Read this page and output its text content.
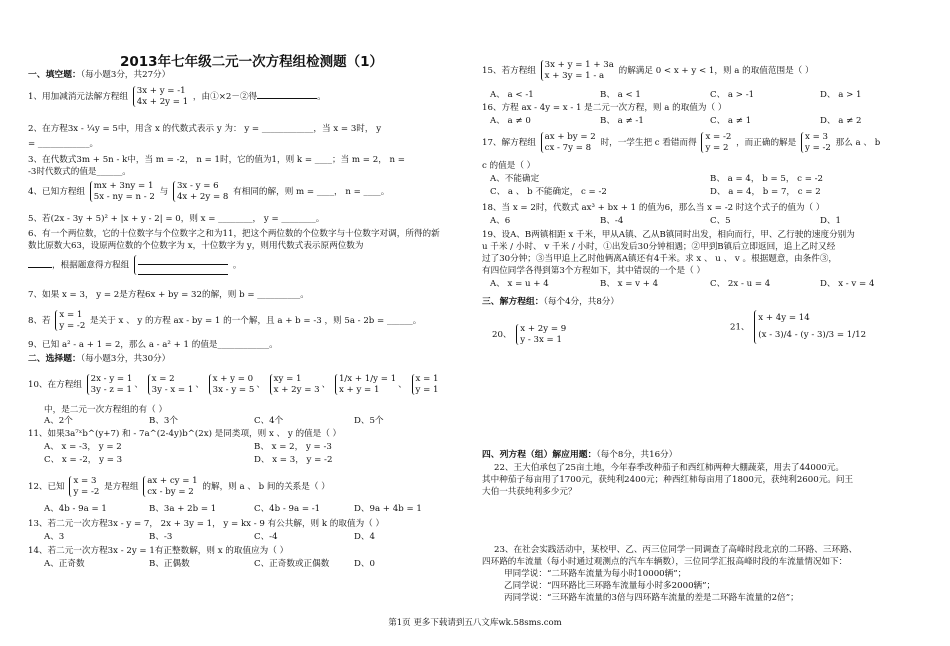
2013年七年级二元一次方程组检测题（1）
一、填空题：（每小题3分，共27分）
1、用加减消元法解方程组
3x + y = -1
4x + 2y = 1 ，由①×2－②得	。
2、在方程3x - ¼y = 5中，用含 x 的代数式表示 y 为： y = ____________，当 x = 3时， y
= ____________。
3、在代数式3m + 5n - k中，当 m = -2， n = 1时，它的值为1，则 k = ____；当 m = 2， n =
-3时代数式的值是______。
4、已知方程组
mx + 3ny = 1
5x - ny = n - 2 与
3x - y = 6
4x + 2y = 8 有相同的解，则 m = ____， n = ____。
5、若(2x - 3y + 5)² + |x + y - 2| = 0，则 x = ________， y = ________。
6、有一个两位数，它的十位数字与个位数字之和为11，把这个两位数的个位数字与十位数字对调，所得的新
数比原数大63，设原两位数的个位数字为 x，十位数字为 y，则用代数式表示原两位数为
，根据题意得方程组	。
7、如果 x = 3， y = 2是方程6x + by = 32的解，则 b = __________。
8、若
x = 1
y = -2 是关于 x 、 y 的方程 ax - by = 1 的一个解，且 a + b = -3 ，则 5a - 2b = ______。
9、已知 a² - a + 1 = 2，那么 a - a² + 1 的值是____________。
二、选择题：（每小题3分，共30分）
10、在方程组
2x - y = 1
3y - z = 1 、
x = 2
3y - x = 1 、
x + y = 0
3x - y = 5 、
xy = 1
x + 2y = 3 、
1/x + 1/y = 1
x + y = 1	、
x = 1
y = 1
中，是二元一次方程组的有（ ）
A、2个	B、3个	C、4个	D、5个
11、如果3a⁷ˣb^(y+7) 和 - 7a^(2-4y)b^(2x) 是同类项，则 x 、 y 的值是（ ）
A、 x = -3， y = 2	B、 x = 2， y = -3
C、 x = -2， y = 3	D、 x = 3， y = -2
12、已知
x = 3
y = -2 是方程组
ax + cy = 1
cx - by = 2	的解，则 a 、 b 间的关系是（ ）
A、4b - 9a = 1	B、3a + 2b = 1	C、4b - 9a = -1	D、9a + 4b = 1
13、若二元一次方程3x - y = 7， 2x + 3y = 1， y = kx - 9 有公共解，则 k 的取值为（ ）
A、3	B、-3	C、-4	D、4
14、若二元一次方程3x - 2y = 1有正整数解，则 x 的取值应为（ ）
A、正奇数	B、正偶数	C、正奇数或正偶数	D、0
15、若方程组
3x + y = 1 + 3a
x + 3y = 1 - a	的解满足 0 < x + y < 1，则 a 的取值范围是（ ）
A、 a < -1	B、 a < 1	C、 a > -1	D、 a > 1
16、方程 ax - 4y = x - 1 是二元一次方程，则 a 的取值为（ ）
A、 a ≠ 0	B、 a ≠ -1	C、 a ≠ 1	D、 a ≠ 2
17、解方程组
ax + by = 2
cx - 7y = 8	时，一学生把 c 看错而得
x = -2
y = 2 ，而正确的解是
x = 3
y = -2 那么 a 、 b
c 的值是（ ）
A、不能确定	B、 a = 4， b = 5， c = -2
C、 a 、 b 不能确定， c = -2	D、 a = 4， b = 7， c = 2
18、当 x = 2时，代数式 ax³ + bx + 1 的值为6，那么当 x = -2 时这个式子的值为（ ）
A、6	B、-4	C、5	D、1
19、设A、B两镇相距 x 千米，甲从A镇、乙从B镇同时出发，相向而行，甲、乙行驶的速度分别为
u 千米 / 小时、 v 千米 / 小时，①出发后30分钟相遇；②甲到B镇后立即返回，追上乙时又经
过了30分钟；③当甲追上乙时他俩离A镇还有4千米。求 x 、 u 、 v 。根据题意，由条件③，
有四位同学各得到第3个方程如下，其中错误的一个是（ ）
A、 x = u + 4	B、 x = v + 4	C、 2x - u = 4	D、 x - v = 4
三、解方程组：（每个4分，共8分）
20、
x + 2y = 9
y - 3x = 1
21、
x + 4y = 14
(x - 3)/4 - (y - 3)/3 = 1/12
四、列方程（组）解应用题：（每个8分，共16分）
22、王大伯承包了25亩土地，今年春季改种茄子和西红柿两种大棚蔬菜，用去了44000元。
其中种茄子每亩用了1700元，获纯利2400元；种西红柿每亩用了1800元，获纯利2600元。问王
大伯一共获纯利多少元？
23、在社会实践活动中，某校甲、乙、丙三位同学一同调查了高峰时段北京的二环路、三环路、
四环路的车流量（每小时通过观测点的汽车车辆数），三位同学汇报高峰时段的车流量情况如下：
甲同学说：“二环路车流量为每小时10000辆”；
乙同学说：“四环路比三环路车流量每小时多2000辆”；
丙同学说：“三环路车流量的3倍与四环路车流量的差是二环路车流量的2倍”；
第1页 更多下载请到五八文库wk.58sms.com
